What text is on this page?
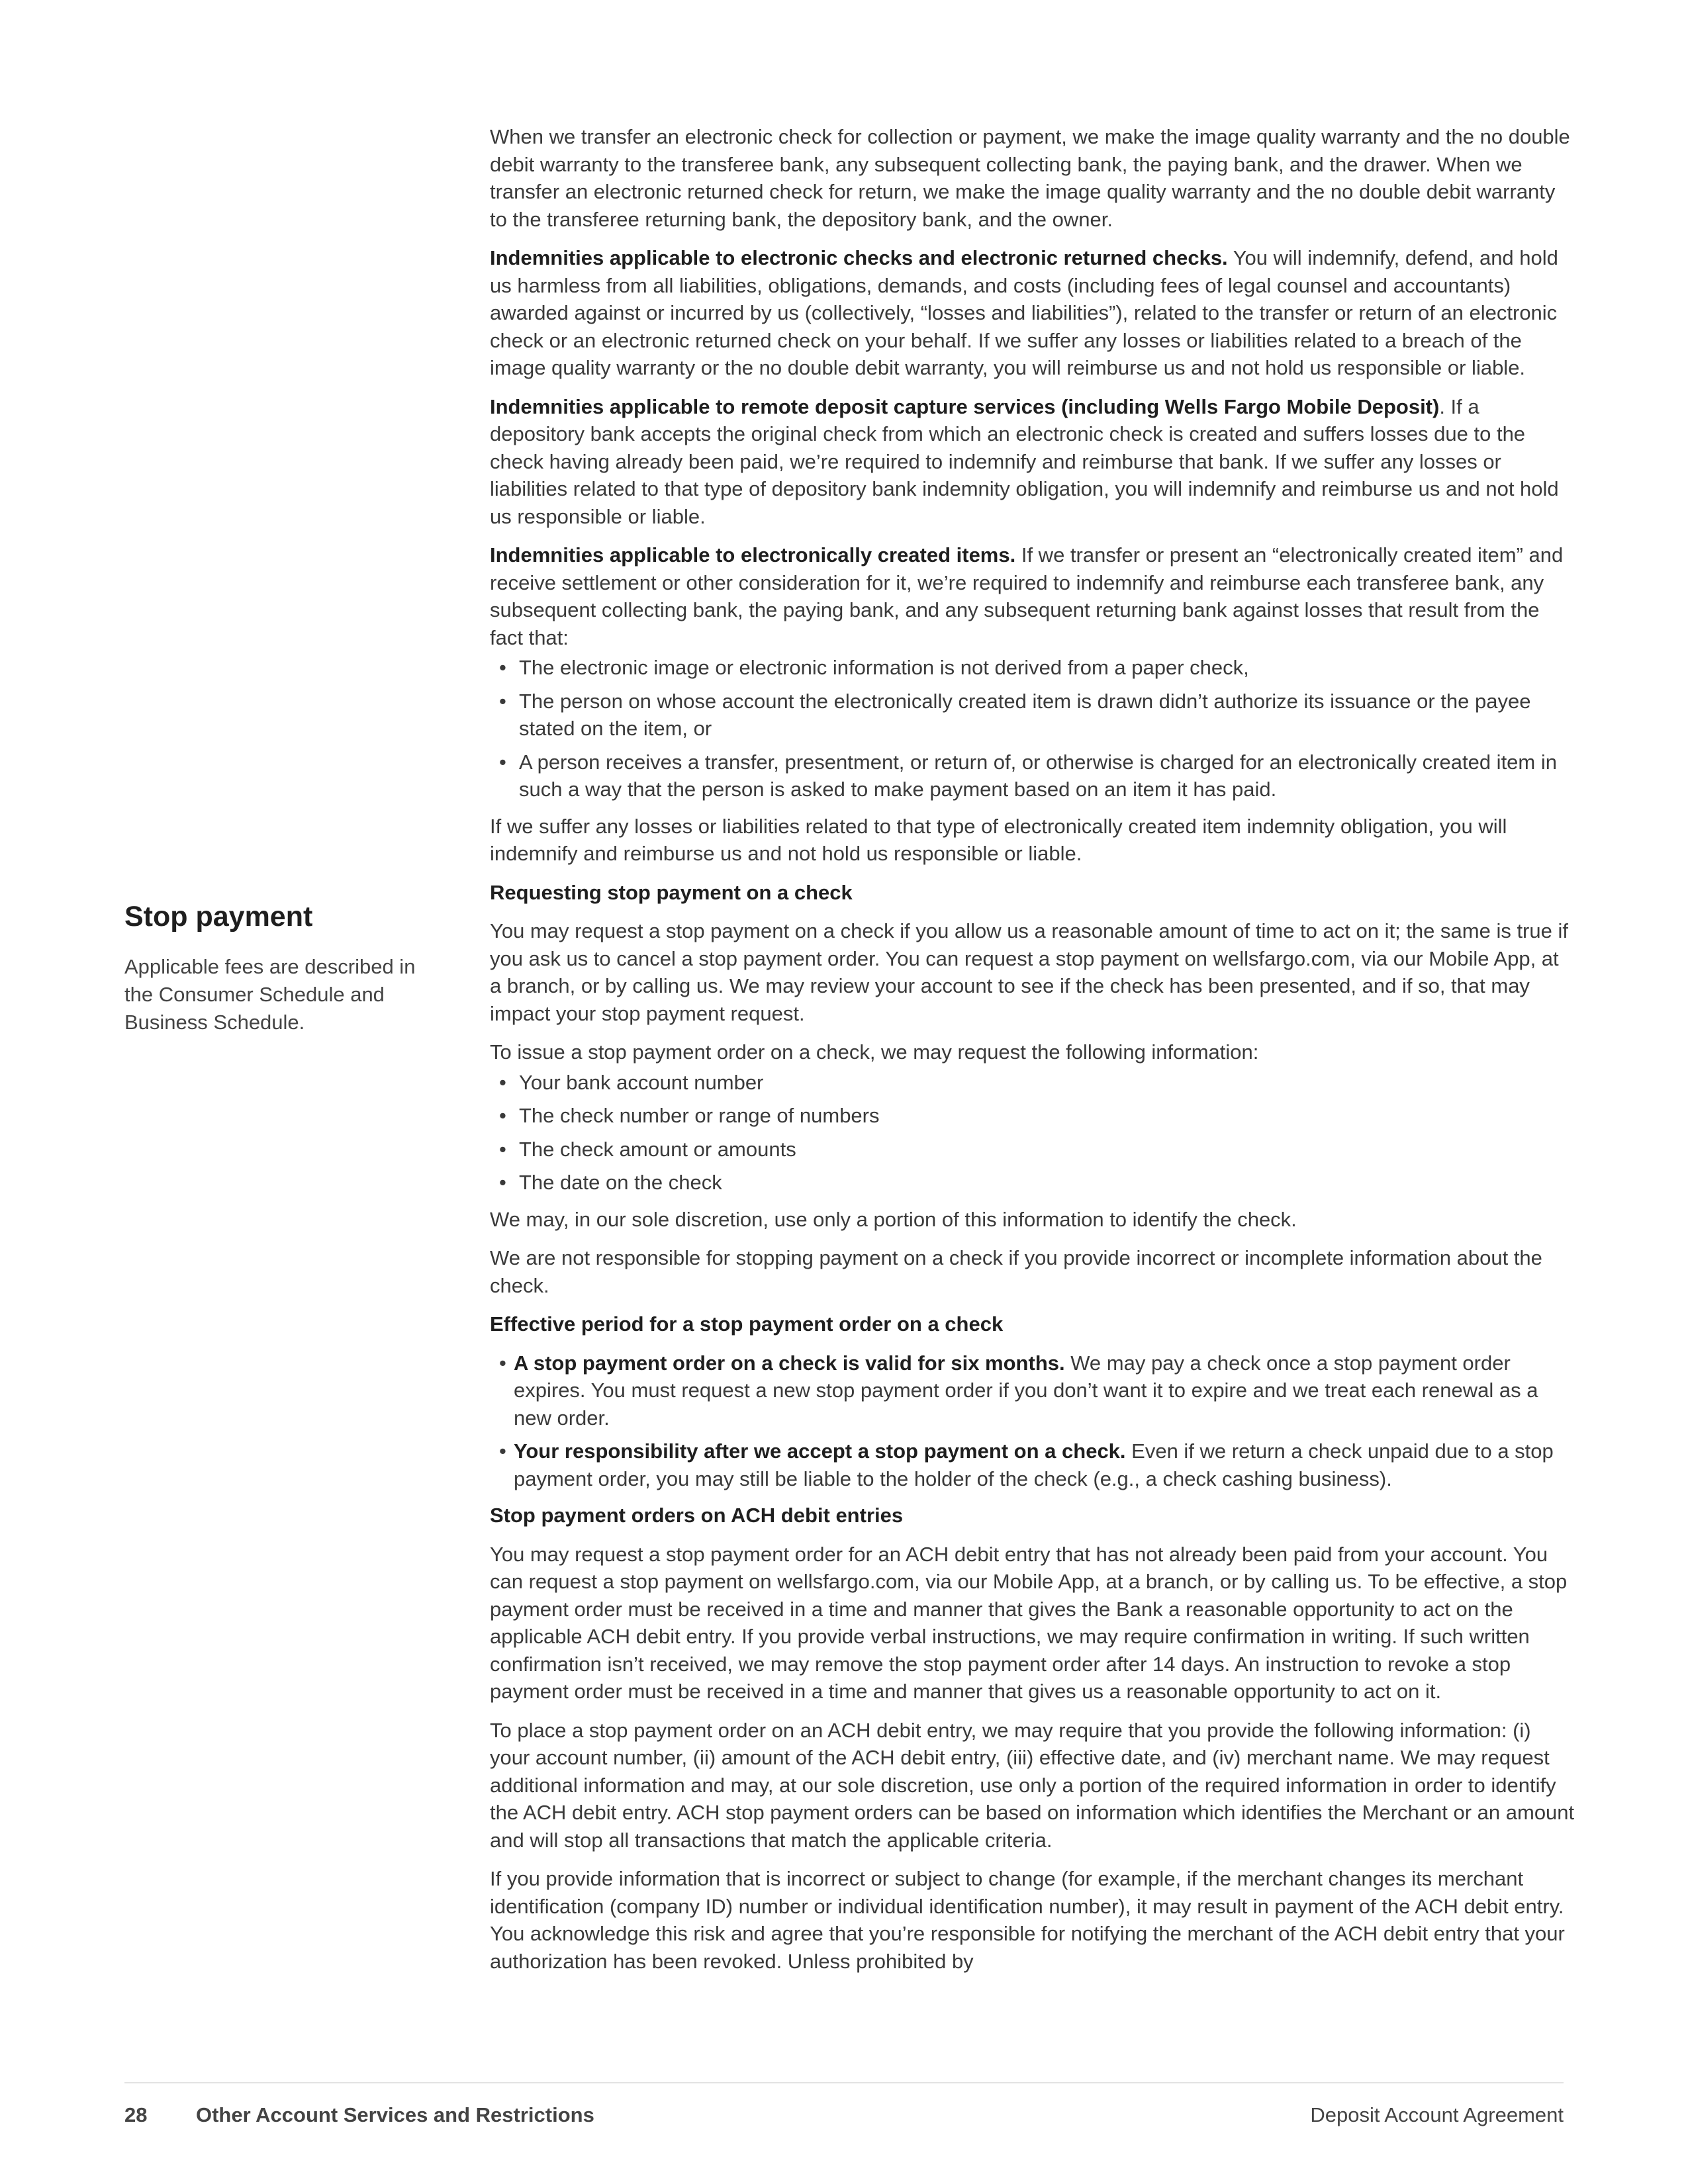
Stop payment

Applicable fees are described in the Consumer Schedule and Business Schedule.

When we transfer an electronic check for collection or payment, we make the image quality warranty and the no double debit warranty to the transferee bank, any subsequent collecting bank, the paying bank, and the drawer. When we transfer an electronic returned check for return, we make the image quality warranty and the no double debit warranty to the transferee returning bank, the depository bank, and the owner.

Indemnities applicable to electronic checks and electronic returned checks. You will indemnify, defend, and hold us harmless from all liabilities, obligations, demands, and costs (including fees of legal counsel and accountants) awarded against or incurred by us (collectively, “losses and liabilities”), related to the transfer or return of an electronic check or an electronic returned check on your behalf. If we suffer any losses or liabilities related to a breach of the image quality warranty or the no double debit warranty, you will reimburse us and not hold us responsible or liable.

Indemnities applicable to remote deposit capture services (including Wells Fargo Mobile Deposit). If a depository bank accepts the original check from which an electronic check is created and suffers losses due to the check having already been paid, we’re required to indemnify and reimburse that bank. If we suffer any losses or liabilities related to that type of depository bank indemnity obligation, you will indemnify and reimburse us and not hold us responsible or liable.

Indemnities applicable to electronically created items. If we transfer or present an “electronically created item” and receive settlement or other consideration for it, we’re required to indemnify and reimburse each transferee bank, any subsequent collecting bank, the paying bank, and any subsequent returning bank against losses that result from the fact that:

• The electronic image or electronic information is not derived from a paper check,
• The person on whose account the electronically created item is drawn didn’t authorize its issuance or the payee stated on the item, or
• A person receives a transfer, presentment, or return of, or otherwise is charged for an electronically created item in such a way that the person is asked to make payment based on an item it has paid.

If we suffer any losses or liabilities related to that type of electronically created item indemnity obligation, you will indemnify and reimburse us and not hold us responsible or liable.

Requesting stop payment on a check

You may request a stop payment on a check if you allow us a reasonable amount of time to act on it; the same is true if you ask us to cancel a stop payment order. You can request a stop payment on wellsfargo.com, via our Mobile App, at a branch, or by calling us. We may review your account to see if the check has been presented, and if so, that may impact your stop payment request.

To issue a stop payment order on a check, we may request the following information:

• Your bank account number
• The check number or range of numbers
• The check amount or amounts
• The date on the check

We may, in our sole discretion, use only a portion of this information to identify the check.

We are not responsible for stopping payment on a check if you provide incorrect or incomplete information about the check.

Effective period for a stop payment order on a check

• A stop payment order on a check is valid for six months. We may pay a check once a stop payment order expires. You must request a new stop payment order if you don’t want it to expire and we treat each renewal as a new order.
• Your responsibility after we accept a stop payment on a check. Even if we return a check unpaid due to a stop payment order, you may still be liable to the holder of the check (e.g., a check cashing business).

Stop payment orders on ACH debit entries

You may request a stop payment order for an ACH debit entry that has not already been paid from your account. You can request a stop payment on wellsfargo.com, via our Mobile App, at a branch, or by calling us. To be effective, a stop payment order must be received in a time and manner that gives the Bank a reasonable opportunity to act on the applicable ACH debit entry. If you provide verbal instructions, we may require confirmation in writing. If such written confirmation isn’t received, we may remove the stop payment order after 14 days. An instruction to revoke a stop payment order must be received in a time and manner that gives us a reasonable opportunity to act on it.

To place a stop payment order on an ACH debit entry, we may require that you provide the following information: (i) your account number, (ii) amount of the ACH debit entry, (iii) effective date, and (iv) merchant name. We may request additional information and may, at our sole discretion, use only a portion of the required information in order to identify the ACH debit entry. ACH stop payment orders can be based on information which identifies the Merchant or an amount and will stop all transactions that match the applicable criteria.

If you provide information that is incorrect or subject to change (for example, if the merchant changes its merchant identification (company ID) number or individual identification number), it may result in payment of the ACH debit entry. You acknowledge this risk and agree that you’re responsible for notifying the merchant of the ACH debit entry that your authorization has been revoked. Unless prohibited by

28 Other Account Services and Restrictions	Deposit Account Agreement
